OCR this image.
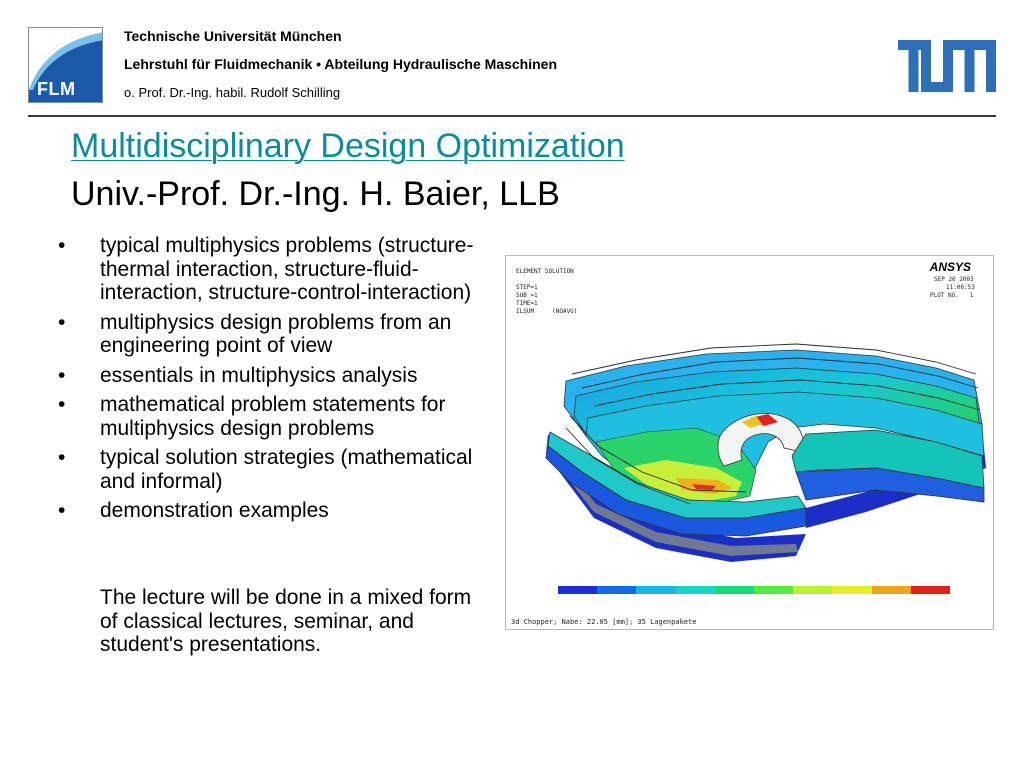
FLM
Technische Universität München
Lehrstuhl für Fluidmechanik • Abteilung Hydraulische Maschinen
o. Prof. Dr.-Ing. habil. Rudolf Schilling
Multidisciplinary Design Optimization
Univ.-Prof. Dr.-Ing. H. Baier, LLB
• typical multiphysics problems (structure-thermal interaction, structure-fluid-interaction, structure-control-interaction)
• multiphysics design problems from an engineering point of view
• essentials in multiphysics analysis
• mathematical problem statements for multiphysics design problems
• typical solution strategies (mathematical and informal)
• demonstration examples
The lecture will be done in a mixed form of classical lectures, seminar, and student's presentations.
ELEMENT SOLUTION

STEP=1
SUB =1
TIME=1
ILSUM     (NOAVG)
ANSYS
SEP 26 2003
11:06:53
PLOT NO.   1
3d Chopper; Nabe: 22.05 [mm]; 35 Lagenpakete
